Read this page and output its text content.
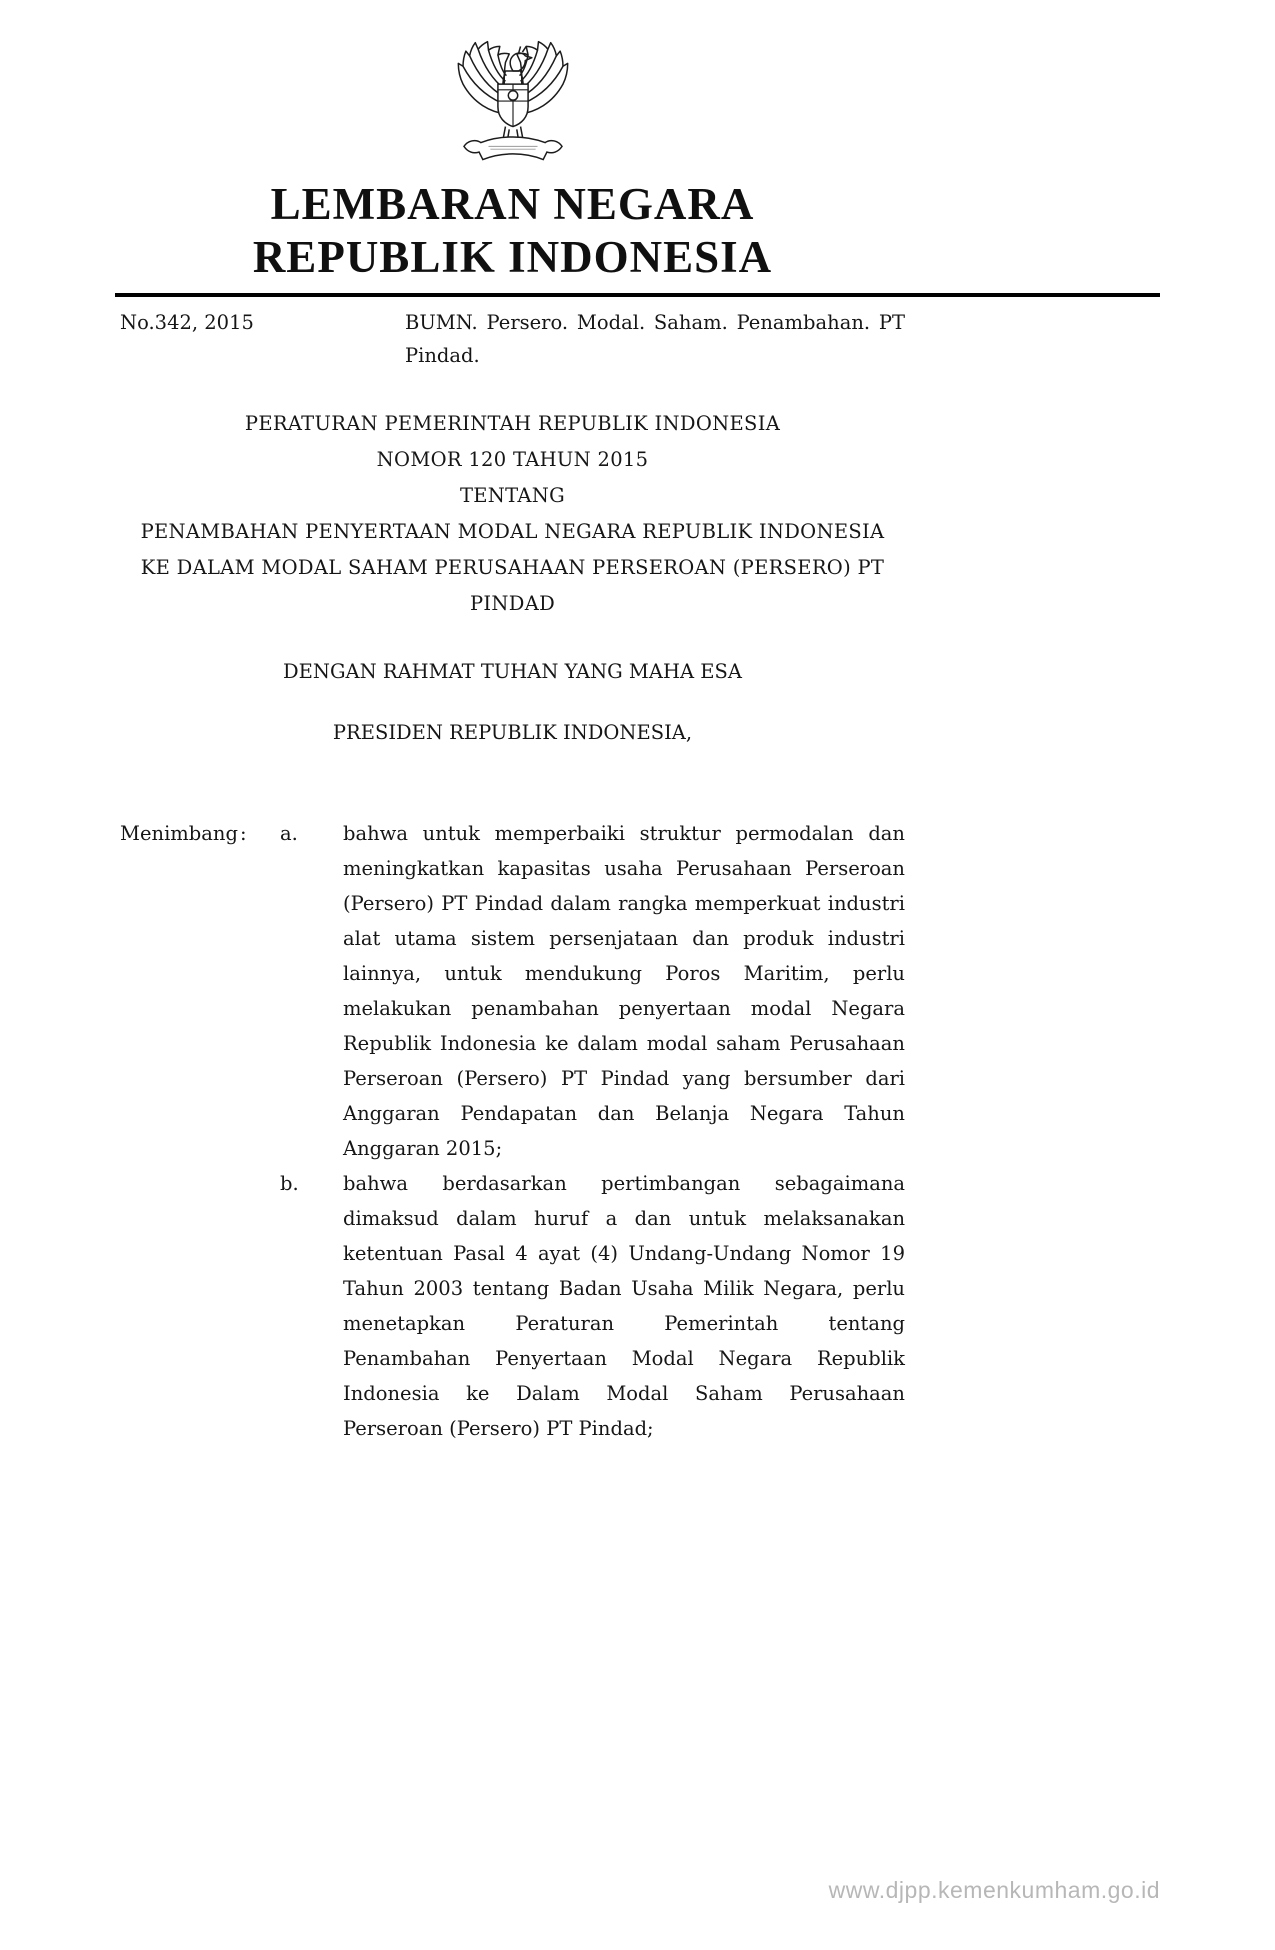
LEMBARAN NEGARA
REPUBLIK INDONESIA
No.342, 2015	BUMN. Persero. Modal. Saham. Penambahan. PT Pindad.
PERATURAN PEMERINTAH REPUBLIK INDONESIA
NOMOR 120 TAHUN 2015
TENTANG
PENAMBAHAN PENYERTAAN MODAL NEGARA REPUBLIK INDONESIA
KE DALAM MODAL SAHAM PERUSAHAAN PERSEROAN (PERSERO) PT PINDAD
DENGAN RAHMAT TUHAN YANG MAHA ESA
PRESIDEN REPUBLIK INDONESIA,
Menimbang :	a.	bahwa untuk memperbaiki struktur permodalan dan meningkatkan kapasitas usaha Perusahaan Perseroan (Persero) PT Pindad dalam rangka memperkuat industri alat utama sistem persenjataan dan produk industri lainnya, untuk mendukung Poros Maritim, perlu melakukan penambahan penyertaan modal Negara Republik Indonesia ke dalam modal saham Perusahaan Perseroan (Persero) PT Pindad yang bersumber dari Anggaran Pendapatan dan Belanja Negara Tahun Anggaran 2015;
b.	bahwa berdasarkan pertimbangan sebagaimana dimaksud dalam huruf a dan untuk melaksanakan ketentuan Pasal 4 ayat (4) Undang-Undang Nomor 19 Tahun 2003 tentang Badan Usaha Milik Negara, perlu menetapkan Peraturan Pemerintah tentang Penambahan Penyertaan Modal Negara Republik Indonesia ke Dalam Modal Saham Perusahaan Perseroan (Persero) PT Pindad;
www.djpp.kemenkumham.go.id
